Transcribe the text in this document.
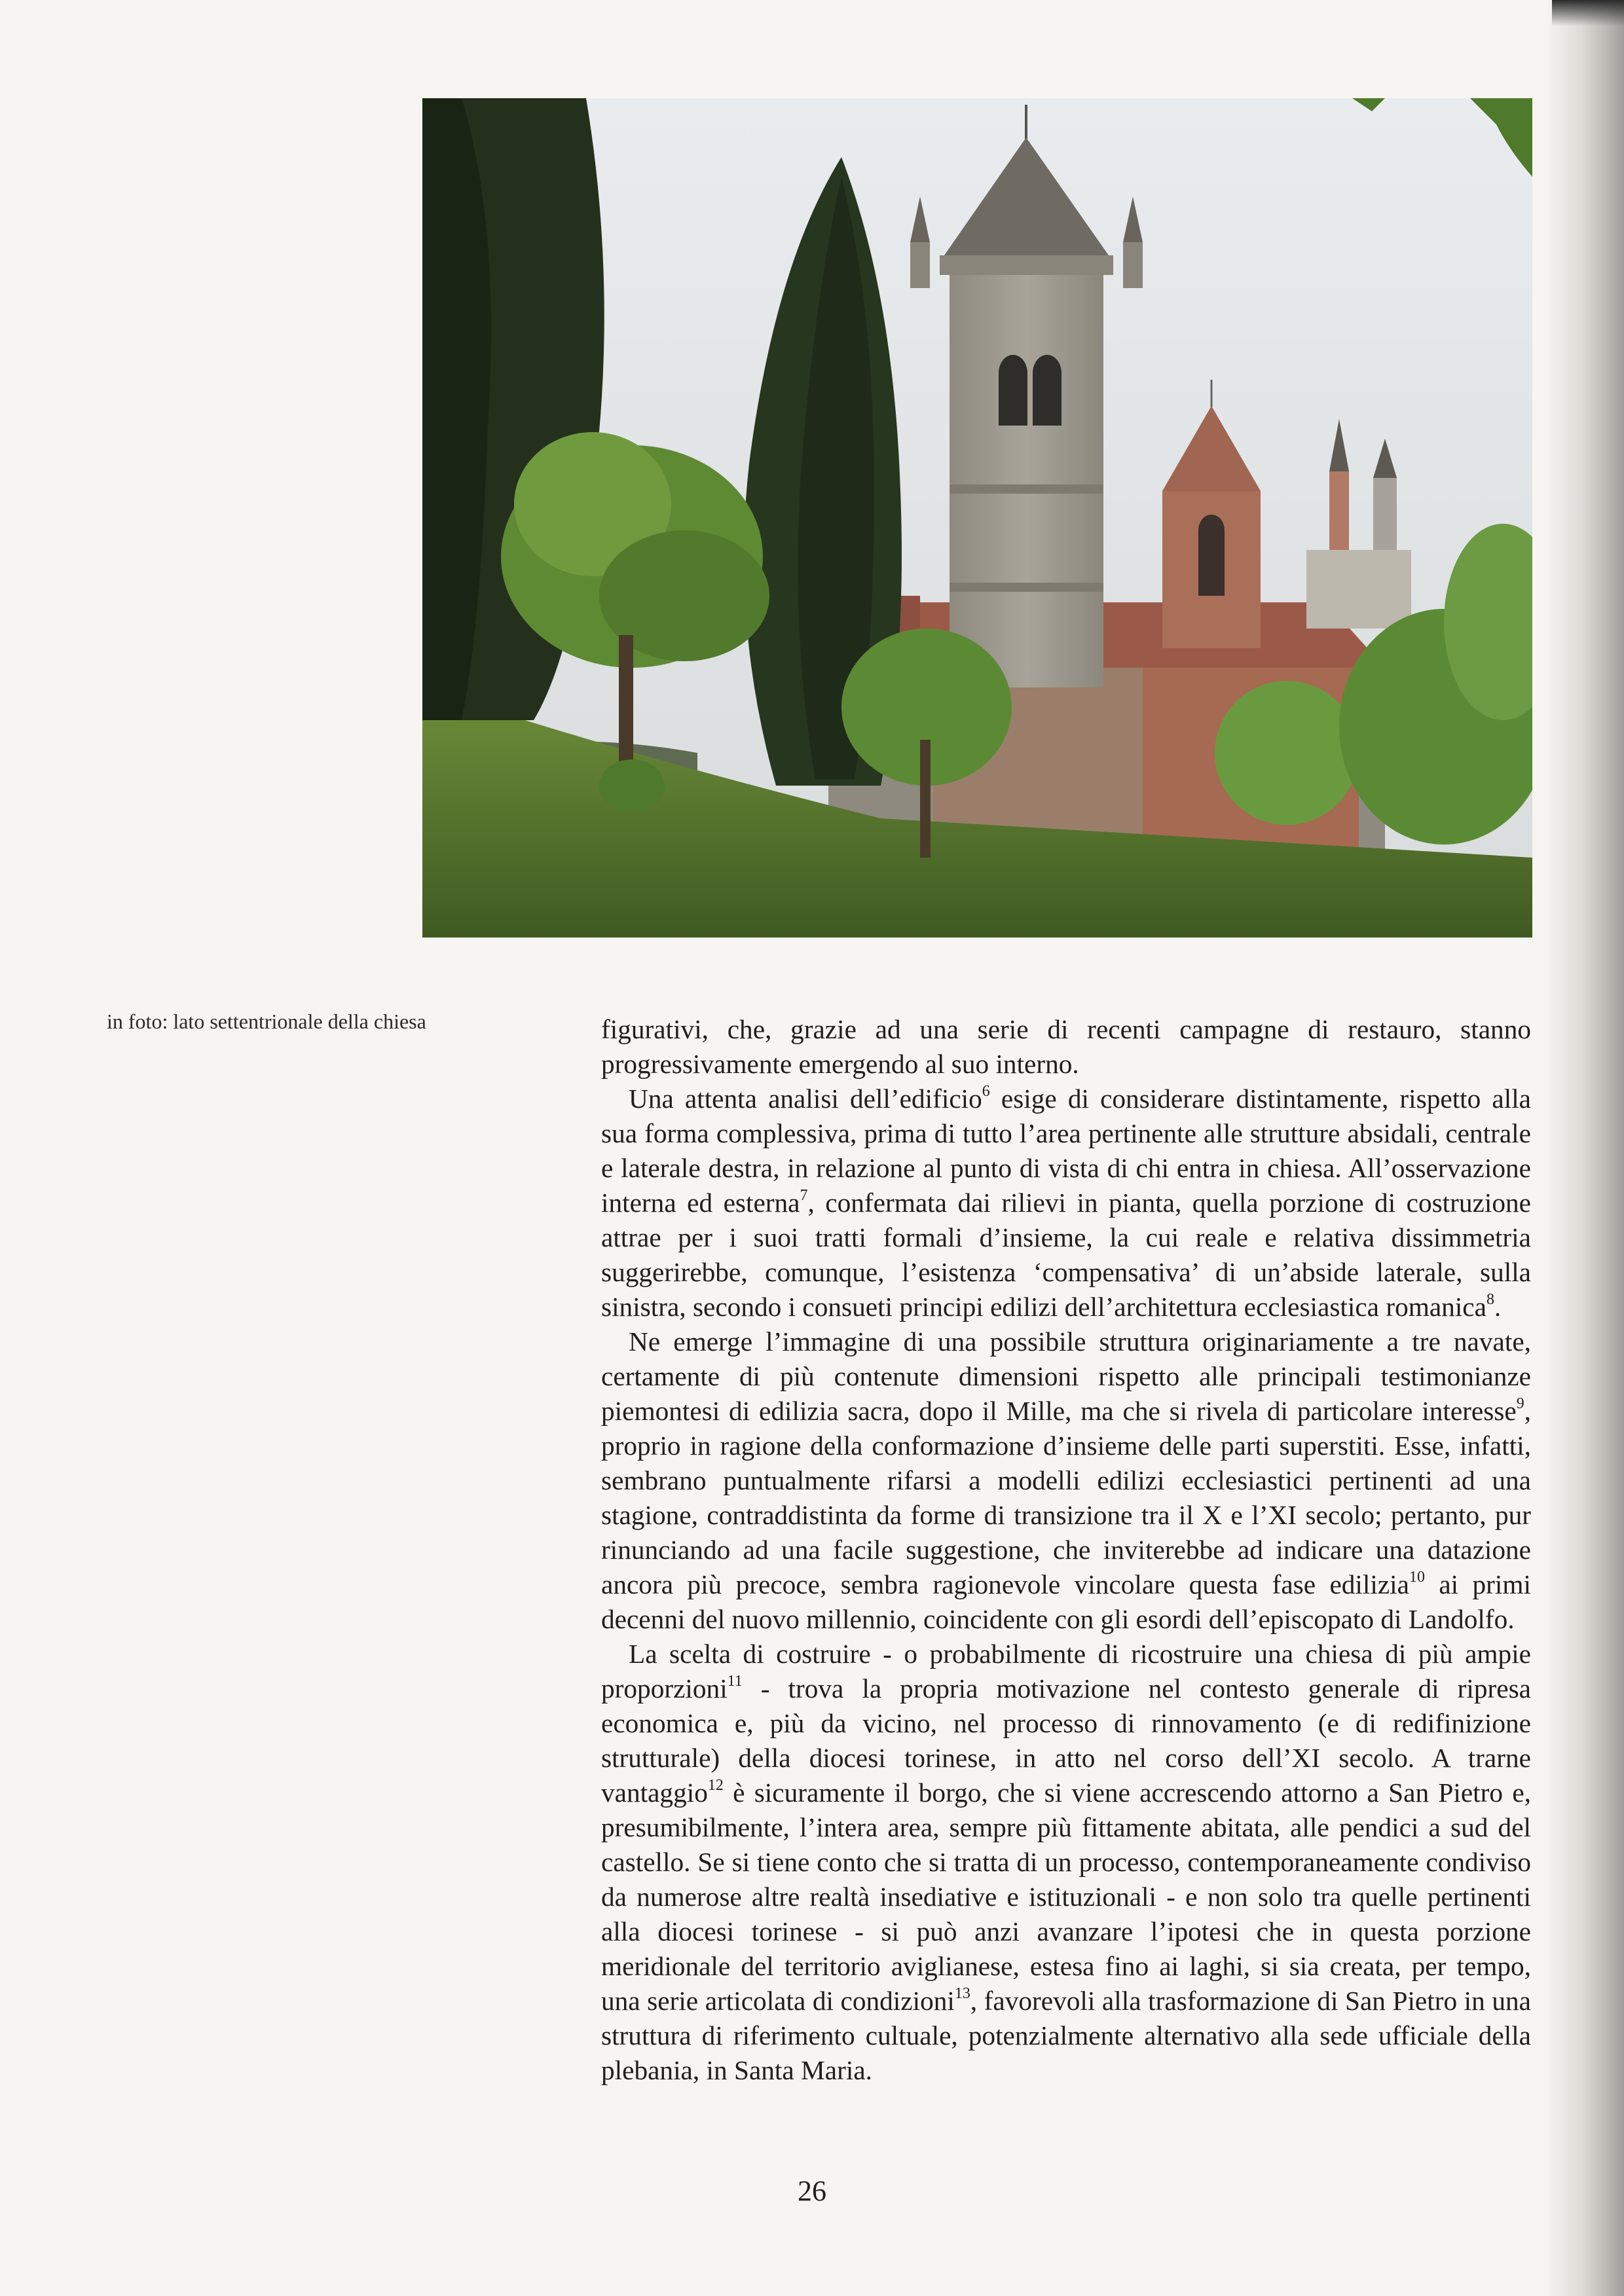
in foto: lato settentrionale della chiesa	figurativi, che, grazie ad una serie di recenti campagne di restauro, stanno progressivamente emergendo al suo interno.

Una attenta analisi dell’edificio$^6$ esige di considerare distintamente, rispetto alla sua forma complessiva, prima di tutto l’area pertinente alle strutture absidali, centrale e laterale destra, in relazione al punto di vista di chi entra in chiesa. All’osservazione interna ed esterna$^7$, confermata dai rilievi in pianta, quella porzione di costruzione attrae per i suoi tratti formali d’insieme, la cui reale e relativa dissimmetria suggerirebbe, comunque, l’esistenza ‘compensativa’ di un’abside laterale, sulla sinistra, secondo i consueti principi edilizi dell’architettura ecclesiastica romanica$^8$.

Ne emerge l’immagine di una possibile struttura originariamente a tre navate, certamente di più contenute dimensioni rispetto alle principali testimonianze piemontesi di edilizia sacra, dopo il Mille, ma che si rivela di particolare interesse$^9$, proprio in ragione della conformazione d’insieme delle parti superstiti. Esse, infatti, sembrano puntualmente rifarsi a modelli edilizi ecclesiastici pertinenti ad una stagione, contraddistinta da forme di transizione tra il X e l’XI secolo; pertanto, pur rinunciando ad una facile suggestione, che inviterebbe ad indicare una datazione ancora più precoce, sembra ragionevole vincolare questa fase edilizia$^{10}$ ai primi decenni del nuovo millennio, coincidente con gli esordi dell’episcopato di Landolfo.

La scelta di costruire - o probabilmente di ricostruire una chiesa di più ampie proporzioni$^{11}$ - trova la propria motivazione nel contesto generale di ripresa economica e, più da vicino, nel processo di rinnovamento (e di redifinizione strutturale) della diocesi torinese, in atto nel corso dell’XI secolo. A trarne vantaggio$^{12}$ è sicuramente il borgo, che si viene accrescendo attorno a San Pietro e, presumibilmente, l’intera area, sempre più fittamente abitata, alle pendici a sud del castello. Se si tiene conto che si tratta di un processo, contemporaneamente condiviso da numerose altre realtà insediative e istituzionali - e non solo tra quelle pertinenti alla diocesi torinese - si può anzi avanzare l’ipotesi che in questa porzione meridionale del territorio aviglianese, estesa fino ai laghi, si sia creata, per tempo, una serie articolata di condizioni$^{13}$, favorevoli alla trasformazione di San Pietro in una struttura di riferimento cultuale, potenzialmente alternativo alla sede ufficiale della plebania, in Santa Maria.

26
